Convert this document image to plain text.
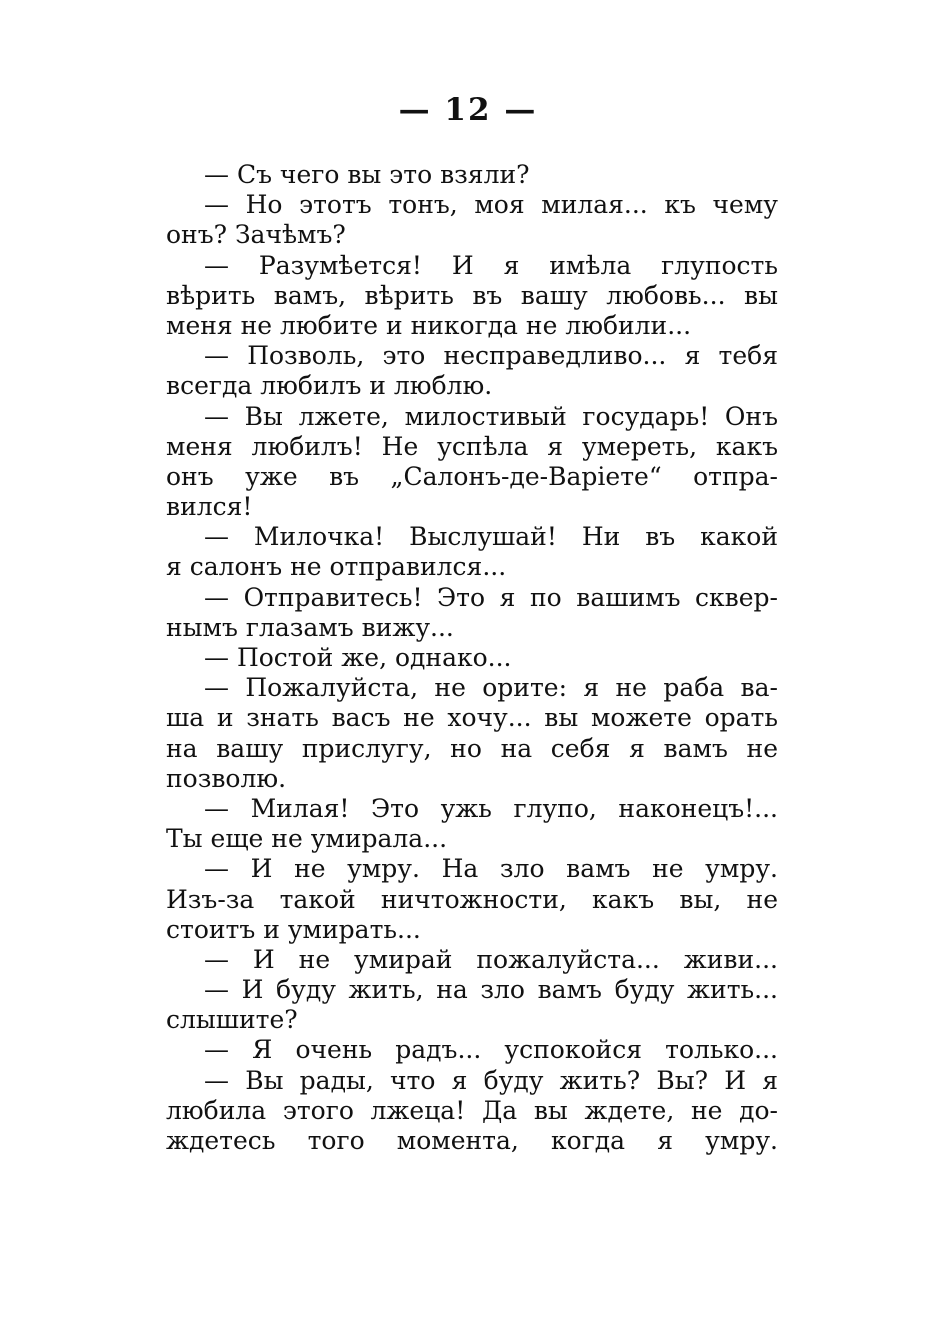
— 12 —
— Съ чего вы это взяли?
— Но этотъ тонъ, моя милая... къ чему
онъ? Зачѣмъ?
— Разумѣется! И я имѣла глупость
вѣрить вамъ, вѣрить въ вашу любовь... вы
меня не любите и никогда не любили...
— Позволь, это несправедливо... я тебя
всегда любилъ и люблю.
— Вы лжете, милостивый государь! Онъ
меня любилъ! Не успѣла я умереть, какъ
онъ уже въ „Салонъ-де-Варіете“ отпра-
вился!
— Милочка! Выслушай! Ни въ какой
я салонъ не отправился...
— Отправитесь! Это я по вашимъ сквер-
нымъ глазамъ вижу...
— Постой же, однако...
— Пожалуйста, не орите: я не раба ва-
ша и знать васъ не хочу... вы можете орать
на вашу прислугу, но на себя я вамъ не
позволю.
— Милая! Это ужь глупо, наконецъ!...
Ты еще не умирала...
— И не умру. На зло вамъ не умру.
Изъ-за такой ничтожности, какъ вы, не
стоитъ и умирать...
— И не умирай пожалуйста... живи...
— И буду жить, на зло вамъ буду жить...
слышите?
— Я очень радъ... успокойся только...
— Вы рады, что я буду жить? Вы? И я
любила этого лжеца! Да вы ждете, не до-
ждетесь того момента, когда я умру.
